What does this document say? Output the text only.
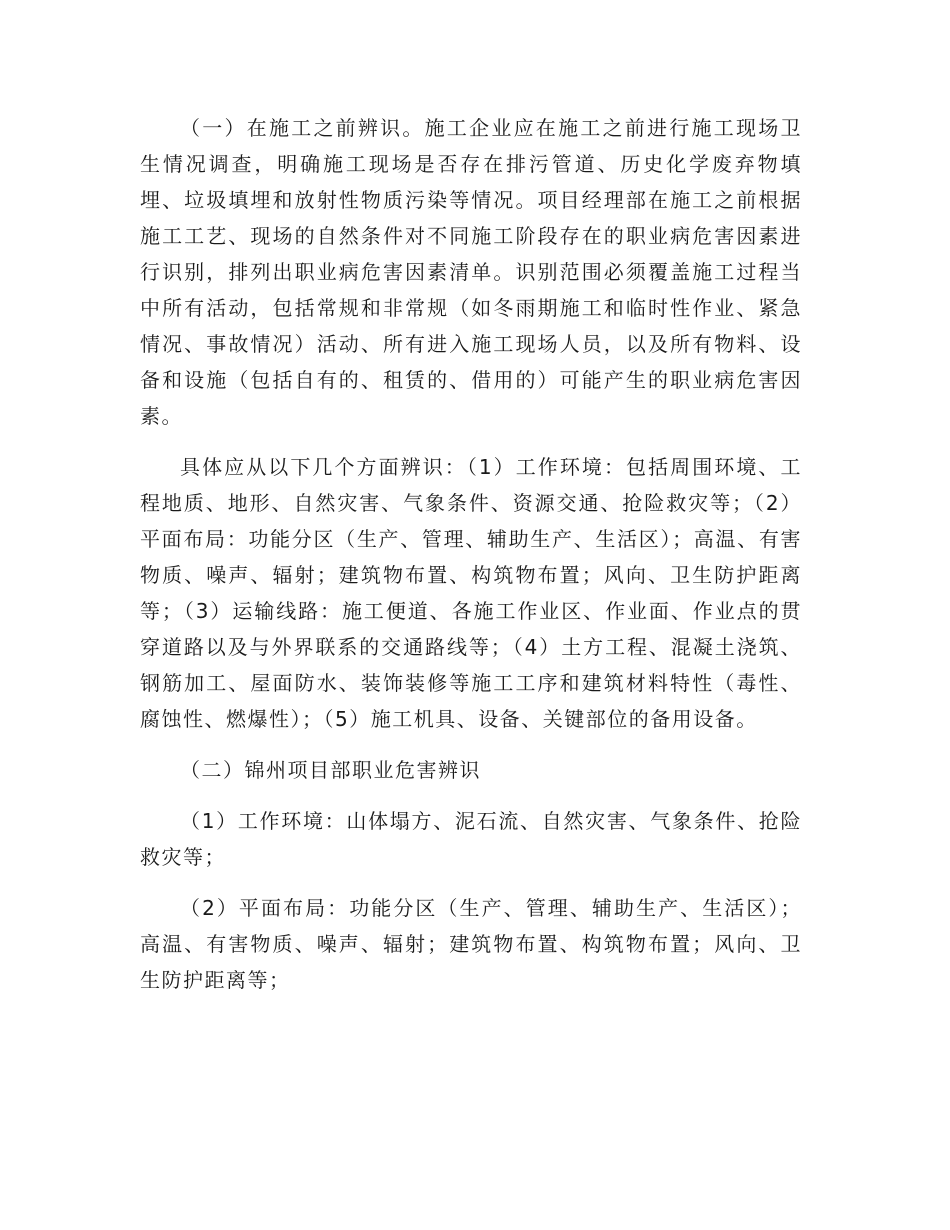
（一）在施工之前辨识。施工企业应在施工之前进行施工现场卫生情况调查，明确施工现场是否存在排污管道、历史化学废弃物填埋、垃圾填埋和放射性物质污染等情况。项目经理部在施工之前根据施工工艺、现场的自然条件对不同施工阶段存在的职业病危害因素进行识别，排列出职业病危害因素清单。识别范围必须覆盖施工过程当中所有活动，包括常规和非常规（如冬雨期施工和临时性作业、紧急情况、事故情况）活动、所有进入施工现场人员，以及所有物料、设备和设施（包括自有的、租赁的、借用的）可能产生的职业病危害因素。

具体应从以下几个方面辨识：（1）工作环境：包括周围环境、工程地质、地形、自然灾害、气象条件、资源交通、抢险救灾等；（2）平面布局：功能分区（生产、管理、辅助生产、生活区）；高温、有害物质、噪声、辐射；建筑物布置、构筑物布置；风向、卫生防护距离等；（3）运输线路：施工便道、各施工作业区、作业面、作业点的贯穿道路以及与外界联系的交通路线等；（4）土方工程、混凝土浇筑、钢筋加工、屋面防水、装饰装修等施工工序和建筑材料特性（毒性、腐蚀性、燃爆性）；（5）施工机具、设备、关键部位的备用设备。

（二）锦州项目部职业危害辨识

（1）工作环境：山体塌方、泥石流、自然灾害、气象条件、抢险救灾等；

（2）平面布局：功能分区（生产、管理、辅助生产、生活区）；高温、有害物质、噪声、辐射；建筑物布置、构筑物布置；风向、卫生防护距离等；
